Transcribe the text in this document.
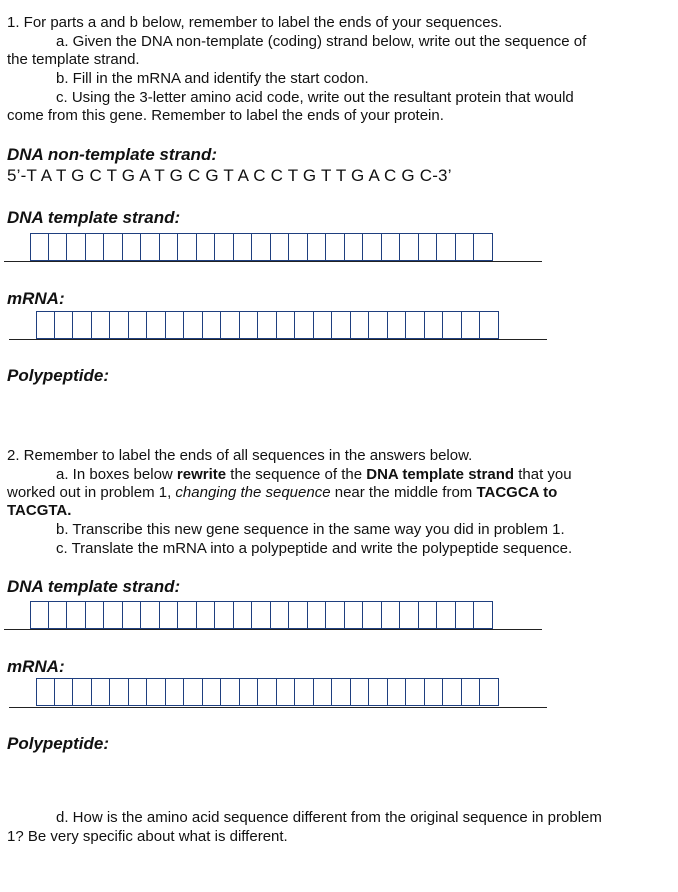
1. For parts a and b below, remember to label the ends of your sequences.
a. Given the DNA non-template (coding) strand below, write out the sequence of
the template strand.
b. Fill in the mRNA and identify the start codon.
c. Using the 3-letter amino acid code, write out the resultant protein that would
come from this gene. Remember to label the ends of your protein.
DNA non-template strand:
5’-T A T G C T G A T G C G T A C C T G T T G A C G C-3’
DNA template strand:
mRNA:
Polypeptide:
2. Remember to label the ends of all sequences in the answers below.
a. In boxes below rewrite the sequence of the DNA template strand that you
worked out in problem 1, changing the sequence near the middle from TACGCA to
TACGTA.
b. Transcribe this new gene sequence in the same way you did in problem 1.
c. Translate the mRNA into a polypeptide and write the polypeptide sequence.
DNA template strand:
mRNA:
Polypeptide:
d. How is the amino acid sequence different from the original sequence in problem
1? Be very specific about what is different.
